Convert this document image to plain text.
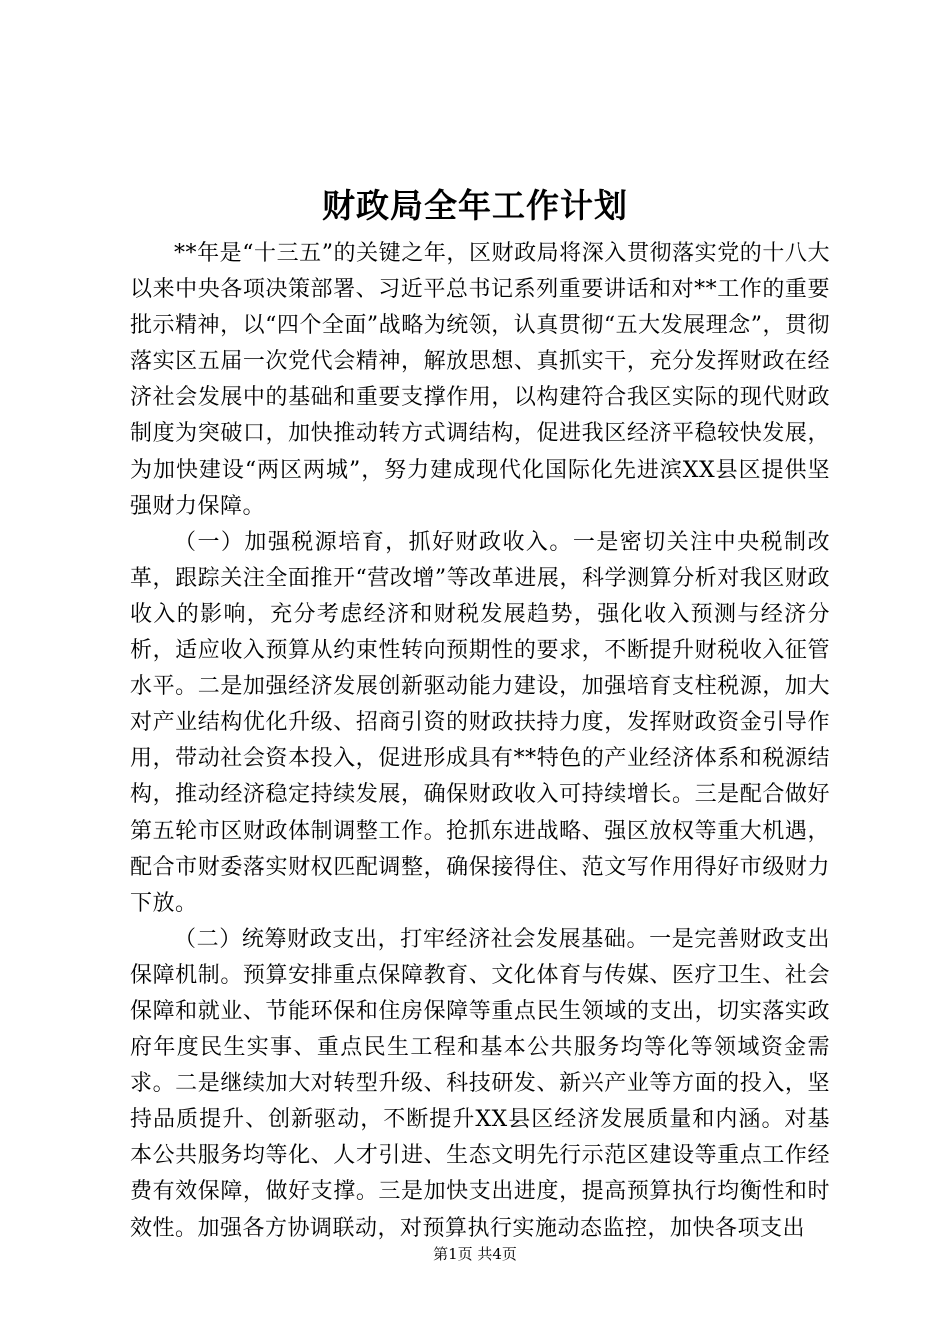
财政局全年工作计划

**年是“十三五”的关键之年，区财政局将深入贯彻落实党的十八大以来中央各项决策部署、习近平总书记系列重要讲话和对**工作的重要批示精神，以“四个全面”战略为统领，认真贯彻“五大发展理念”，贯彻落实区五届一次党代会精神，解放思想、真抓实干，充分发挥财政在经济社会发展中的基础和重要支撑作用，以构建符合我区实际的现代财政制度为突破口，加快推动转方式调结构，促进我区经济平稳较快发展，为加快建设“两区两城”，努力建成现代化国际化先进滨XX县区提供坚强财力保障。

（一）加强税源培育，抓好财政收入。一是密切关注中央税制改革，跟踪关注全面推开“营改增”等改革进展，科学测算分析对我区财政收入的影响，充分考虑经济和财税发展趋势，强化收入预测与经济分析，适应收入预算从约束性转向预期性的要求，不断提升财税收入征管水平。二是加强经济发展创新驱动能力建设，加强培育支柱税源，加大对产业结构优化升级、招商引资的财政扶持力度，发挥财政资金引导作用，带动社会资本投入，促进形成具有**特色的产业经济体系和税源结构，推动经济稳定持续发展，确保财政收入可持续增长。三是配合做好第五轮市区财政体制调整工作。抢抓东进战略、强区放权等重大机遇，配合市财委落实财权匹配调整，确保接得住、范文写作用得好市级财力下放。

（二）统筹财政支出，打牢经济社会发展基础。一是完善财政支出保障机制。预算安排重点保障教育、文化体育与传媒、医疗卫生、社会保障和就业、节能环保和住房保障等重点民生领域的支出，切实落实政府年度民生实事、重点民生工程和基本公共服务均等化等领域资金需求。二是继续加大对转型升级、科技研发、新兴产业等方面的投入，坚持品质提升、创新驱动，不断提升XX县区经济发展质量和内涵。对基本公共服务均等化、人才引进、生态文明先行示范区建设等重点工作经费有效保障，做好支撑。三是加快支出进度，提高预算执行均衡性和时效性。加强各方协调联动，对预算执行实施动态监控，加快各项支出

第1页 共4页
